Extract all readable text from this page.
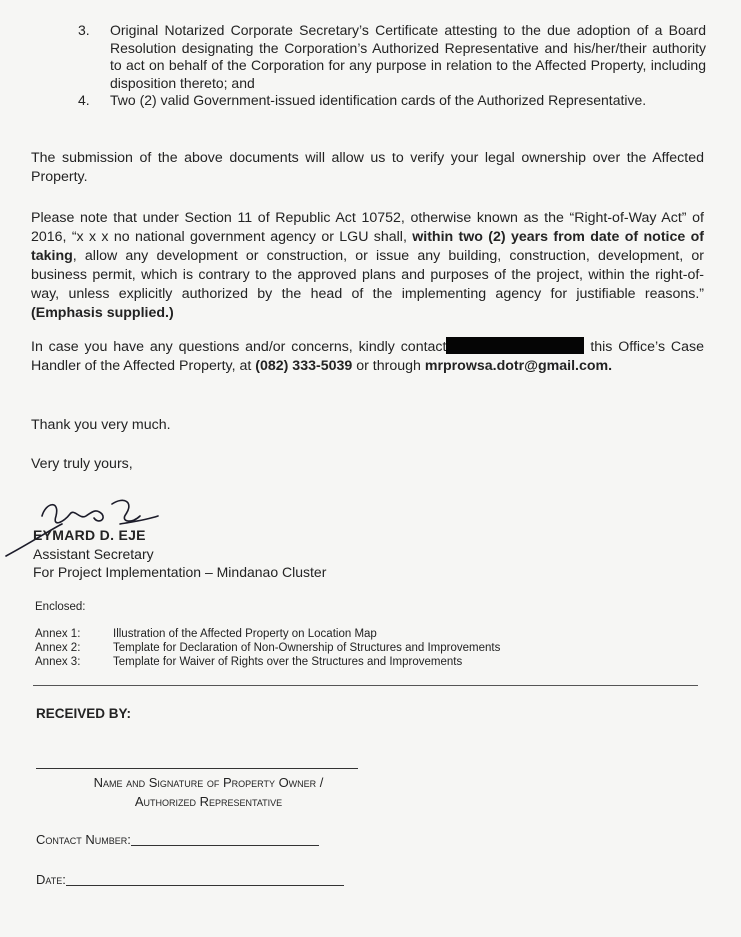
3.	Original Notarized Corporate Secretary’s Certificate attesting to the due adoption of a Board Resolution designating the Corporation’s Authorized Representative and his/her/their authority to act on behalf of the Corporation for any purpose in relation to the Affected Property, including disposition thereto; and
4.	Two (2) valid Government-issued identification cards of the Authorized Representative.
The submission of the above documents will allow us to verify your legal ownership over the Affected Property.
Please note that under Section 11 of Republic Act 10752, otherwise known as the “Right-of-Way Act” of 2016, “x x x no national government agency or LGU shall, within two (2) years from date of notice of taking, allow any development or construction, or issue any building, construction, development, or business permit, which is contrary to the approved plans and purposes of the project, within the right-of-way, unless explicitly authorized by the head of the implementing agency for justifiable reasons.” (Emphasis supplied.)
In case you have any questions and/or concerns, kindly contact	this Office’s Case Handler of the Affected Property, at (082) 333-5039 or through mrprowsa.dotr@gmail.com.
Thank you very much.
Very truly yours,
EYMARD D. EJE
Assistant Secretary
For Project Implementation – Mindanao Cluster
Enclosed:
Annex 1:	Illustration of the Affected Property on Location Map
Annex 2:	Template for Declaration of Non-Ownership of Structures and Improvements
Annex 3:	Template for Waiver of Rights over the Structures and Improvements
RECEIVED BY:
Name and Signature of Property Owner /
Authorized Representative
Contact Number:
Date:
